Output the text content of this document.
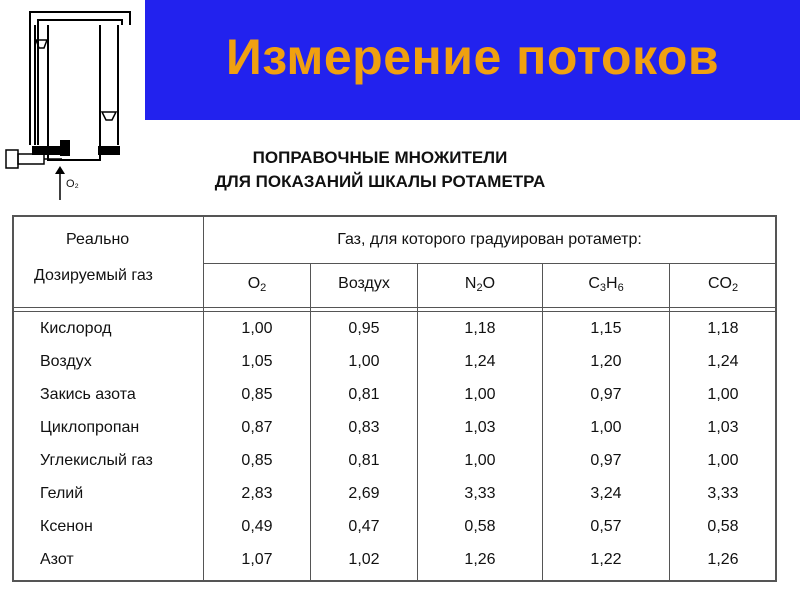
O₂
Измерение потоков
ПОПРАВОЧНЫЕ МНОЖИТЕЛИ
ДЛЯ ПОКАЗАНИЙ ШКАЛЫ РОТАМЕТРА
Реально
Дозируемый газ
Газ, для которого градуирован ротаметр:
$O_2$	Воздух	$N_2O$	$C_3H_6$	$CO_2$
Кислород	1,00	0,95	1,18	1,15	1,18
Воздух	1,05	1,00	1,24	1,20	1,24
Закись азота	0,85	0,81	1,00	0,97	1,00
Циклопропан	0,87	0,83	1,03	1,00	1,03
Углекислый газ	0,85	0,81	1,00	0,97	1,00
Гелий	2,83	2,69	3,33	3,24	3,33
Ксенон	0,49	0,47	0,58	0,57	0,58
Азот	1,07	1,02	1,26	1,22	1,26
